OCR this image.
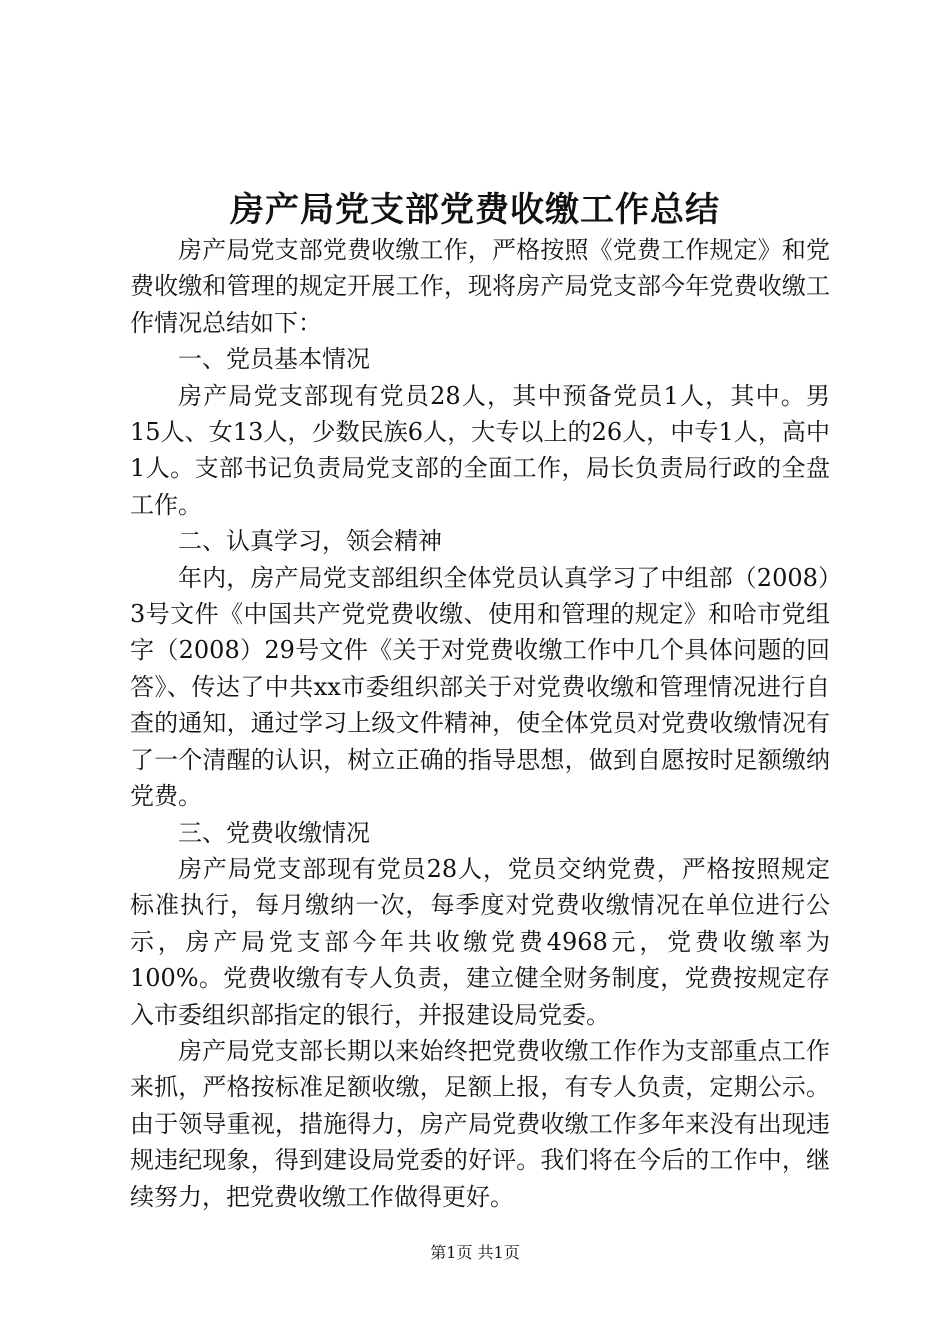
房产局党支部党费收缴工作总结

房产局党支部党费收缴工作，严格按照《党费工作规定》和党费收缴和管理的规定开展工作，现将房产局党支部今年党费收缴工作情况总结如下：

一、党员基本情况

房产局党支部现有党员28人，其中预备党员1人，其中。男15人、女13人，少数民族6人，大专以上的26人，中专1人，高中1人。支部书记负责局党支部的全面工作，局长负责局行政的全盘工作。

二、认真学习，领会精神

年内，房产局党支部组织全体党员认真学习了中组部（2008）3号文件《中国共产党党费收缴、使用和管理的规定》和哈市党组字（2008）29号文件《关于对党费收缴工作中几个具体问题的回答》、传达了中共xx市委组织部关于对党费收缴和管理情况进行自查的通知，通过学习上级文件精神，使全体党员对党费收缴情况有了一个清醒的认识，树立正确的指导思想，做到自愿按时足额缴纳党费。

三、党费收缴情况

房产局党支部现有党员28人，党员交纳党费，严格按照规定标准执行，每月缴纳一次，每季度对党费收缴情况在单位进行公示，房产局党支部今年共收缴党费4968元，党费收缴率为100%。党费收缴有专人负责，建立健全财务制度，党费按规定存入市委组织部指定的银行，并报建设局党委。

房产局党支部长期以来始终把党费收缴工作作为支部重点工作来抓，严格按标准足额收缴，足额上报，有专人负责，定期公示。由于领导重视，措施得力，房产局党费收缴工作多年来没有出现违规违纪现象，得到建设局党委的好评。我们将在今后的工作中，继续努力，把党费收缴工作做得更好。

第1页 共1页
